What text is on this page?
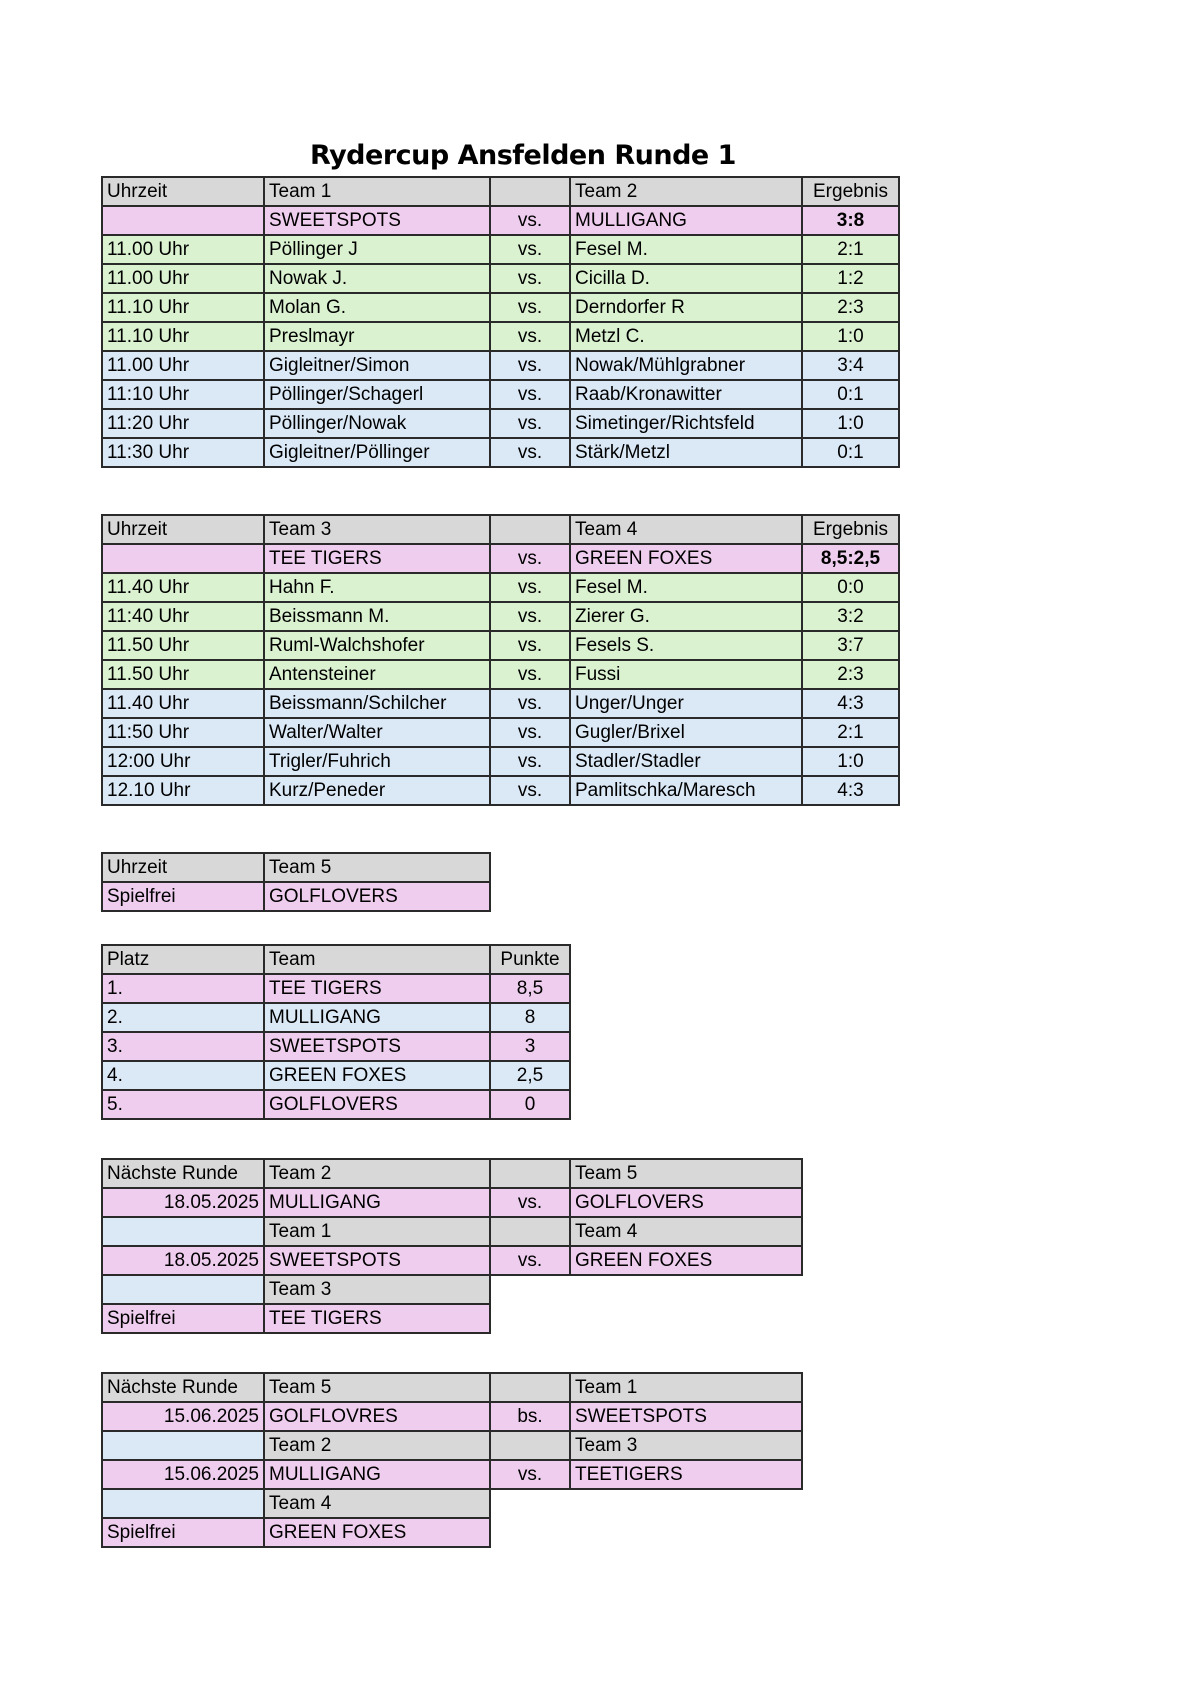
Rydercup Ansfelden Runde 1
Uhrzeit	Team 1		Team 2	Ergebnis
	SWEETSPOTS	vs.	MULLIGANG	3:8
11.00 Uhr	Pöllinger J	vs.	Fesel M.	2:1
11.00 Uhr	Nowak J.	vs.	Cicilla D.	1:2
11.10 Uhr	Molan G.	vs.	Derndorfer R	2:3
11.10 Uhr	Preslmayr	vs.	Metzl C.	1:0
11.00 Uhr	Gigleitner/Simon	vs.	Nowak/Mühlgrabner	3:4
11:10 Uhr	Pöllinger/Schagerl	vs.	Raab/Kronawitter	0:1
11:20 Uhr	Pöllinger/Nowak	vs.	Simetinger/Richtsfeld	1:0
11:30 Uhr	Gigleitner/Pöllinger	vs.	Stärk/Metzl	0:1
Uhrzeit	Team 3		Team 4	Ergebnis
	TEE TIGERS	vs.	GREEN FOXES	8,5:2,5
11.40 Uhr	Hahn F.	vs.	Fesel M.	0:0
11:40 Uhr	Beissmann M.	vs.	Zierer G.	3:2
11.50 Uhr	Ruml-Walchshofer	vs.	Fesels S.	3:7
11.50 Uhr	Antensteiner	vs.	Fussi	2:3
11.40 Uhr	Beissmann/Schilcher	vs.	Unger/Unger	4:3
11:50 Uhr	Walter/Walter	vs.	Gugler/Brixel	2:1
12:00 Uhr	Trigler/Fuhrich	vs.	Stadler/Stadler	1:0
12.10 Uhr	Kurz/Peneder	vs.	Pamlitschka/Maresch	4:3
Uhrzeit	Team 5
Spielfrei	GOLFLOVERS
Platz	Team	Punkte
1.	TEE TIGERS	8,5
2.	MULLIGANG	8
3.	SWEETSPOTS	3
4.	GREEN FOXES	2,5
5.	GOLFLOVERS	0
Nächste Runde	Team 2		Team 5
18.05.2025	MULLIGANG	vs.	GOLFLOVERS
	Team 1		Team 4
18.05.2025	SWEETSPOTS	vs.	GREEN FOXES
	Team 3		
Spielfrei	TEE TIGERS		
Nächste Runde	Team 5		Team 1
15.06.2025	GOLFLOVRES	bs.	SWEETSPOTS
	Team 2		Team 3
15.06.2025	MULLIGANG	vs.	TEETIGERS
	Team 4		
Spielfrei	GREEN FOXES		
